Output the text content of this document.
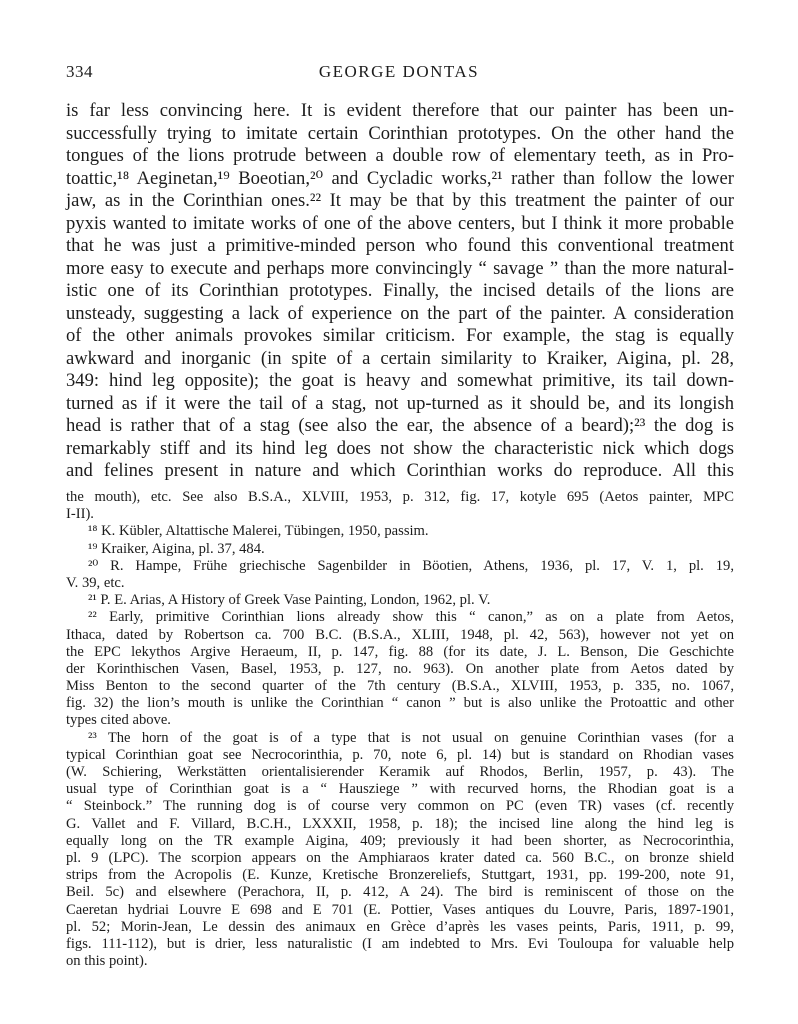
334	GEORGE DONTAS
is far less convincing here. It is evident therefore that our painter has been un-
successfully trying to imitate certain Corinthian prototypes. On the other hand the
tongues of the lions protrude between a double row of elementary teeth, as in Pro-
toattic,¹⁸ Aeginetan,¹⁹ Boeotian,²⁰ and Cycladic works,²¹ rather than follow the lower
jaw, as in the Corinthian ones.²² It may be that by this treatment the painter of our
pyxis wanted to imitate works of one of the above centers, but I think it more probable
that he was just a primitive-minded person who found this conventional treatment
more easy to execute and perhaps more convincingly “ savage ” than the more natural-
istic one of its Corinthian prototypes. Finally, the incised details of the lions are
unsteady, suggesting a lack of experience on the part of the painter. A consideration
of the other animals provokes similar criticism. For example, the stag is equally
awkward and inorganic (in spite of a certain similarity to Kraiker, Aigina, pl. 28,
349: hind leg opposite); the goat is heavy and somewhat primitive, its tail down-
turned as if it were the tail of a stag, not up-turned as it should be, and its longish
head is rather that of a stag (see also the ear, the absence of a beard);²³ the dog is
remarkably stiff and its hind leg does not show the characteristic nick which dogs
and felines present in nature and which Corinthian works do reproduce. All this
the mouth), etc. See also B.S.A., XLVIII, 1953, p. 312, fig. 17, kotyle 695 (Aetos painter, MPC
I-II).
¹⁸ K. Kübler, Altattische Malerei, Tübingen, 1950, passim.
¹⁹ Kraiker, Aigina, pl. 37, 484.
²⁰ R. Hampe, Frühe griechische Sagenbilder in Böotien, Athens, 1936, pl. 17, V. 1, pl. 19,
V. 39, etc.
²¹ P. E. Arias, A History of Greek Vase Painting, London, 1962, pl. V.
²² Early, primitive Corinthian lions already show this “ canon,” as on a plate from Aetos,
Ithaca, dated by Robertson ca. 700 B.C. (B.S.A., XLIII, 1948, pl. 42, 563), however not yet on
the EPC lekythos Argive Heraeum, II, p. 147, fig. 88 (for its date, J. L. Benson, Die Geschichte
der Korinthischen Vasen, Basel, 1953, p. 127, no. 963). On another plate from Aetos dated by
Miss Benton to the second quarter of the 7th century (B.S.A., XLVIII, 1953, p. 335, no. 1067,
fig. 32) the lion’s mouth is unlike the Corinthian “ canon ” but is also unlike the Protoattic and other
types cited above.
²³ The horn of the goat is of a type that is not usual on genuine Corinthian vases (for a
typical Corinthian goat see Necrocorinthia, p. 70, note 6, pl. 14) but is standard on Rhodian vases
(W. Schiering, Werkstätten orientalisierender Keramik auf Rhodos, Berlin, 1957, p. 43). The
usual type of Corinthian goat is a “ Hausziege ” with recurved horns, the Rhodian goat is a
“ Steinbock.” The running dog is of course very common on PC (even TR) vases (cf. recently
G. Vallet and F. Villard, B.C.H., LXXXII, 1958, p. 18); the incised line along the hind leg is
equally long on the TR example Aigina, 409; previously it had been shorter, as Necrocorinthia,
pl. 9 (LPC). The scorpion appears on the Amphiaraos krater dated ca. 560 B.C., on bronze shield
strips from the Acropolis (E. Kunze, Kretische Bronzereliefs, Stuttgart, 1931, pp. 199-200, note 91,
Beil. 5c) and elsewhere (Perachora, II, p. 412, A 24). The bird is reminiscent of those on the
Caeretan hydriai Louvre E 698 and E 701 (E. Pottier, Vases antiques du Louvre, Paris, 1897-1901,
pl. 52; Morin-Jean, Le dessin des animaux en Grèce d’après les vases peints, Paris, 1911, p. 99,
figs. 111-112), but is drier, less naturalistic (I am indebted to Mrs. Evi Touloupa for valuable help
on this point).
